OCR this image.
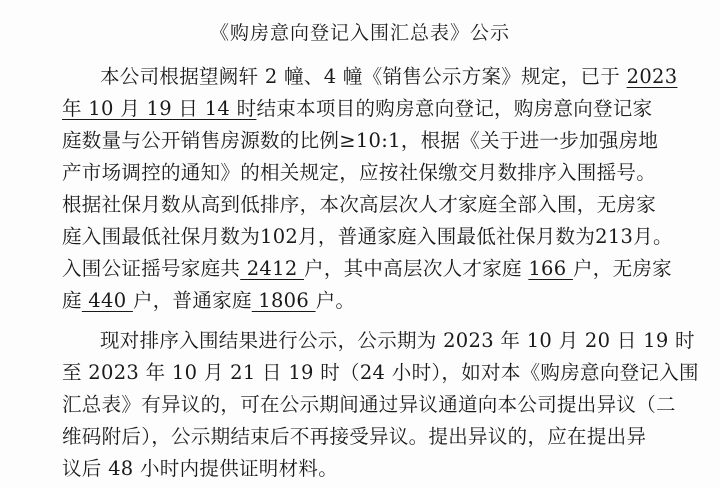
《购房意向登记入围汇总表》公示
本公司根据望阙轩 2 幢、4 幢《销售公示方案》规定，已于 2023
年 10 月 19 日 14 时结束本项目的购房意向登记，购房意向登记家
庭数量与公开销售房源数的比例≥10:1，根据《关于进一步加强房地
产市场调控的通知》的相关规定，应按社保缴交月数排序入围摇号。
根据社保月数从高到低排序，本次高层次人才家庭全部入围，无房家
庭入围最低社保月数为102月，普通家庭入围最低社保月数为213月。
入围公证摇号家庭共 2412 户，其中高层次人才家庭 166 户，无房家
庭 440 户，普通家庭 1806 户。
现对排序入围结果进行公示，公示期为 2023 年 10 月 20 日 19 时
至 2023 年 10 月 21 日 19 时（24 小时），如对本《购房意向登记入围
汇总表》有异议的，可在公示期间通过异议通道向本公司提出异议（二
维码附后），公示期结束后不再接受异议。提出异议的，应在提出异
议后 48 小时内提供证明材料。
